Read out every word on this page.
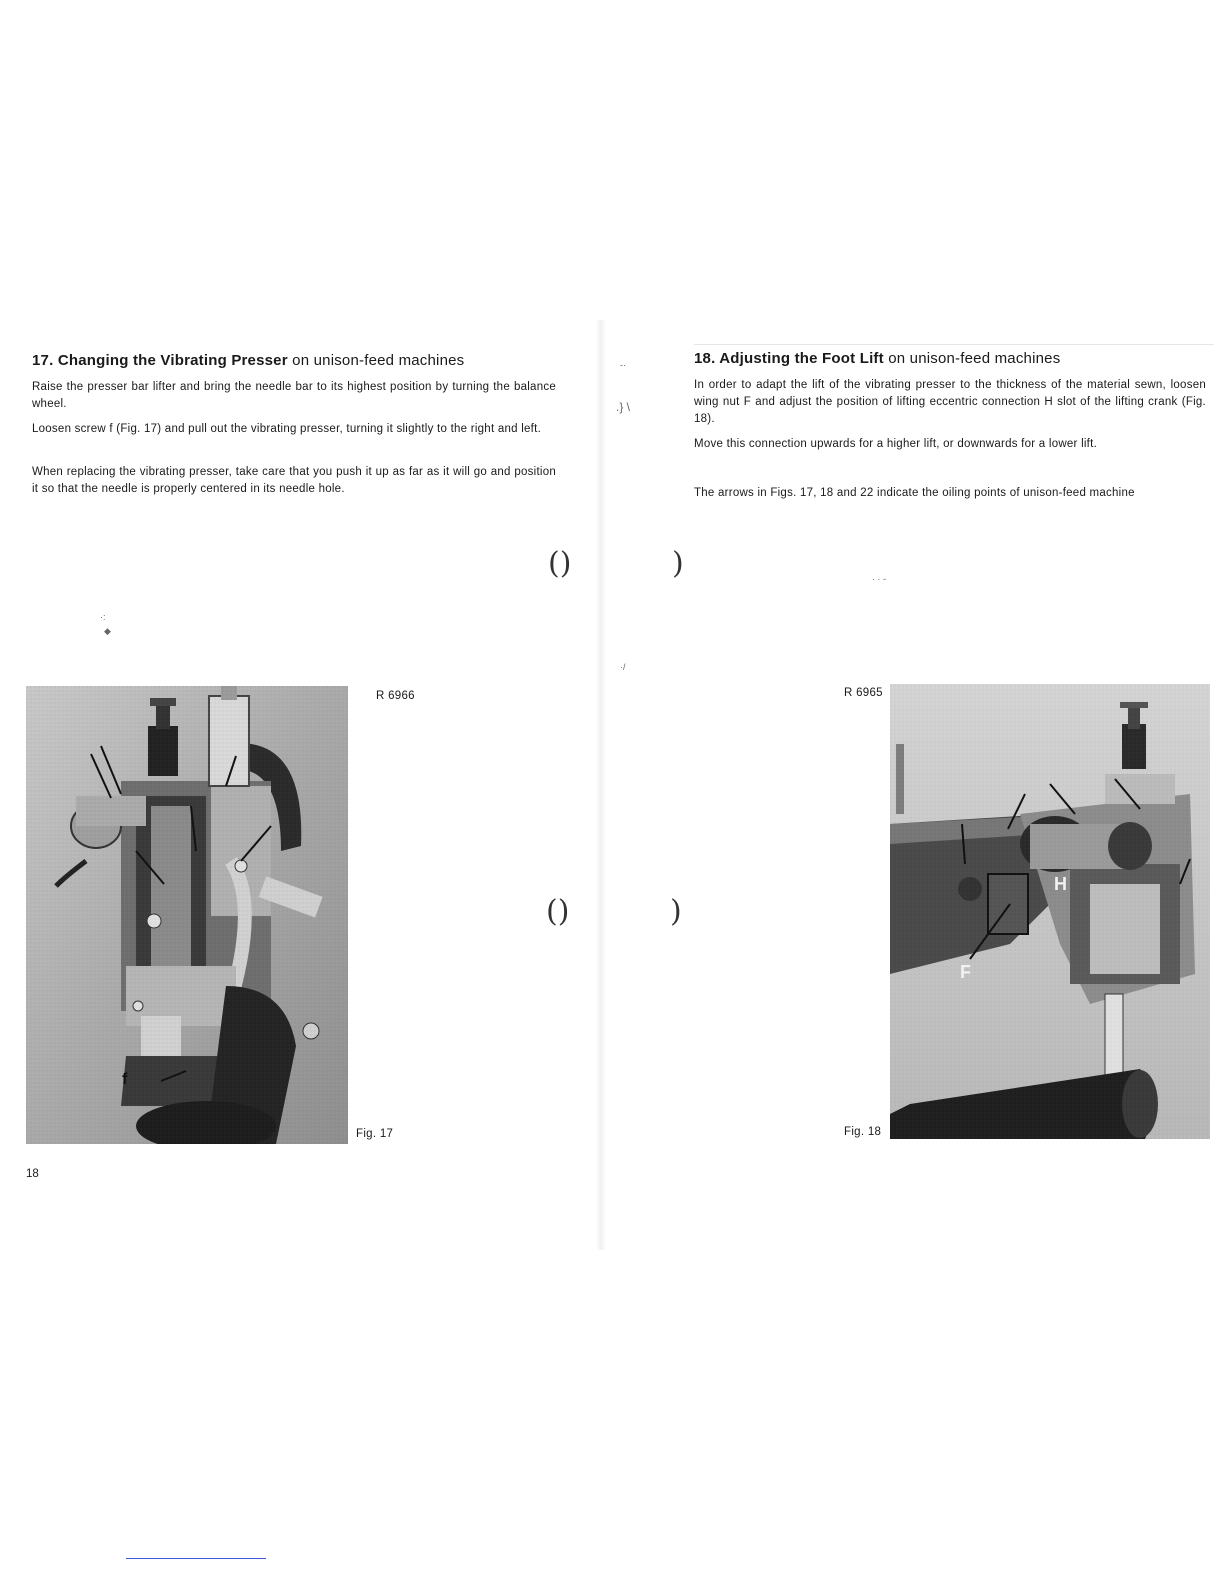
17. Changing the Vibrating Presser on unison-feed machines

Raise the presser bar lifter and bring the needle bar to its highest position by turning the balance wheel.

Loosen screw f (Fig. 17) and pull out the vibrating presser, turning it slightly to the right and left.

When replacing the vibrating presser, take care that you push it up as far as it will go and position it so that the needle is properly centered in its needle hole.

·:
◆
f
R 6966
Fig. 17
()
()
18
18. Adjusting the Foot Lift on unison-feed machines

In order to adapt the lift of the vibrating presser to the thickness of the material sewn, loosen wing nut F and adjust the position of lifting eccentric connection H slot of the lifting crank (Fig. 18).

Move this connection upwards for a higher lift, or downwards for a lower lift.

The arrows in Figs. 17, 18 and 22 indicate the oiling points of unison-feed machine

-·
.} \
·/
· · -
)
)
R 6965
Fig. 18
H
F
